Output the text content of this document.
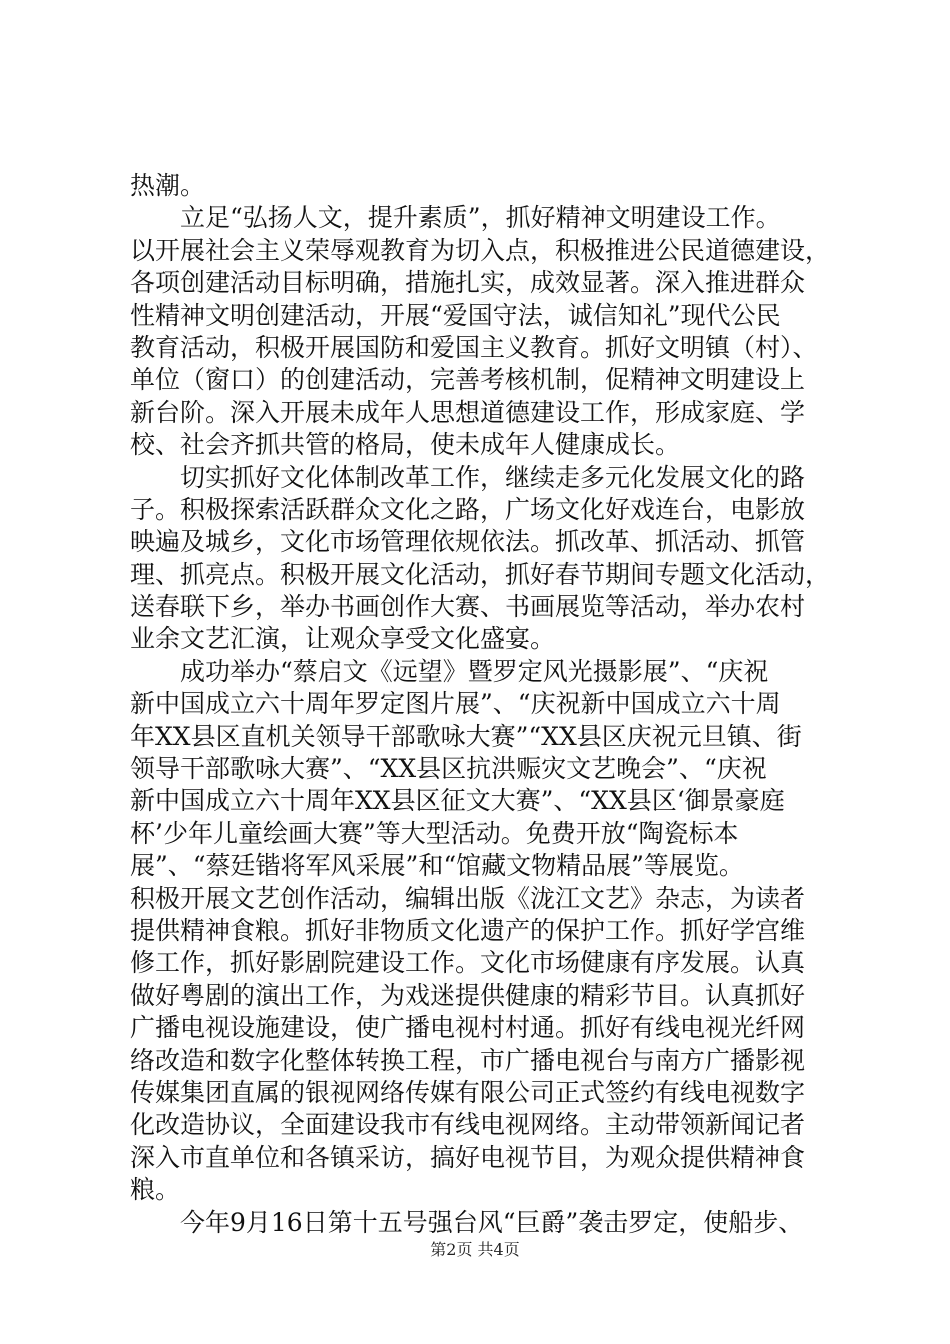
热潮。
立足“弘扬人文，提升素质”，抓好精神文明建设工作。
以开展社会主义荣辱观教育为切入点，积极推进公民道德建设，
各项创建活动目标明确，措施扎实，成效显著。深入推进群众
性精神文明创建活动，开展“爱国守法，诚信知礼”现代公民
教育活动，积极开展国防和爱国主义教育。抓好文明镇（村）、
单位（窗口）的创建活动，完善考核机制，促精神文明建设上
新台阶。深入开展未成年人思想道德建设工作，形成家庭、学
校、社会齐抓共管的格局，使未成年人健康成长。
切实抓好文化体制改革工作，继续走多元化发展文化的路
子。积极探索活跃群众文化之路，广场文化好戏连台，电影放
映遍及城乡，文化市场管理依规依法。抓改革、抓活动、抓管
理、抓亮点。积极开展文化活动，抓好春节期间专题文化活动，
送春联下乡，举办书画创作大赛、书画展览等活动，举办农村
业余文艺汇演，让观众享受文化盛宴。
成功举办“蔡启文《远望》暨罗定风光摄影展”、“庆祝
新中国成立六十周年罗定图片展”、“庆祝新中国成立六十周
年XX县区直机关领导干部歌咏大赛”“XX县区庆祝元旦镇、街
领导干部歌咏大赛”、“XX县区抗洪赈灾文艺晚会”、“庆祝
新中国成立六十周年XX县区征文大赛”、“XX县区‘御景豪庭
杯’少年儿童绘画大赛”等大型活动。免费开放“陶瓷标本
展”、“蔡廷锴将军风采展”和“馆藏文物精品展”等展览。
积极开展文艺创作活动，编辑出版《泷江文艺》杂志，为读者
提供精神食粮。抓好非物质文化遗产的保护工作。抓好学宫维
修工作，抓好影剧院建设工作。文化市场健康有序发展。认真
做好粤剧的演出工作，为戏迷提供健康的精彩节目。认真抓好
广播电视设施建设，使广播电视村村通。抓好有线电视光纤网
络改造和数字化整体转换工程，市广播电视台与南方广播影视
传媒集团直属的银视网络传媒有限公司正式签约有线电视数字
化改造协议，全面建设我市有线电视网络。主动带领新闻记者
深入市直单位和各镇采访，搞好电视节目，为观众提供精神食
粮。
今年9月16日第十五号强台风“巨爵”袭击罗定，使船步、
第2页 共4页
